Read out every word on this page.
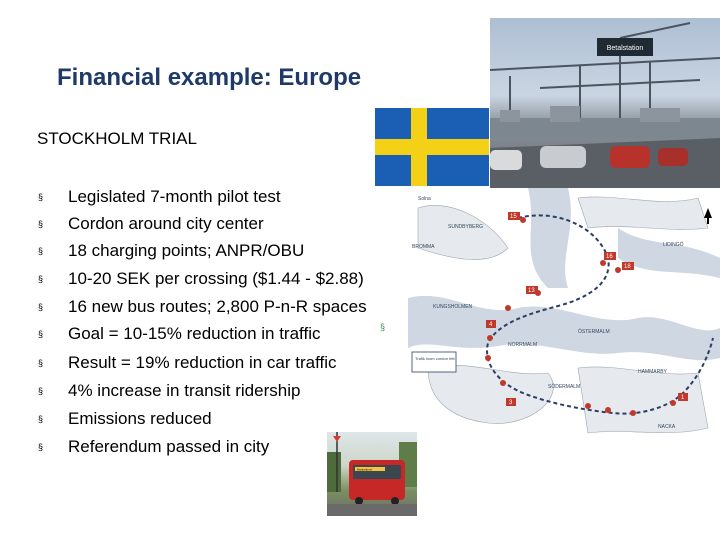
Financial example: Europe
STOCKHOLM TRIAL
§	Legislated 7-month pilot test
§	Cordon around city center
§	18 charging points; ANPR/OBU
§	10-20 SEK per crossing ($1.44 - $2.88)
§	16 new bus routes; 2,800 P-n-R spaces
§	Goal = 10-15% reduction in traffic
§	Result = 19% reduction in car traffic
§	4% increase in transit ridership
§	Emissions reduced
§	Referendum passed in city
§
Betalstation
15
16
18
13
4
3
1
Solna
BROMMA	LIDINGÖ
SUNDBYBERG
ÖSTERMALM
KUNGSHOLMEN
NORRMALM
SÖDERMALM
HAMMARBY
NACKA
Trafik inom cordon fritt
Hannelund
